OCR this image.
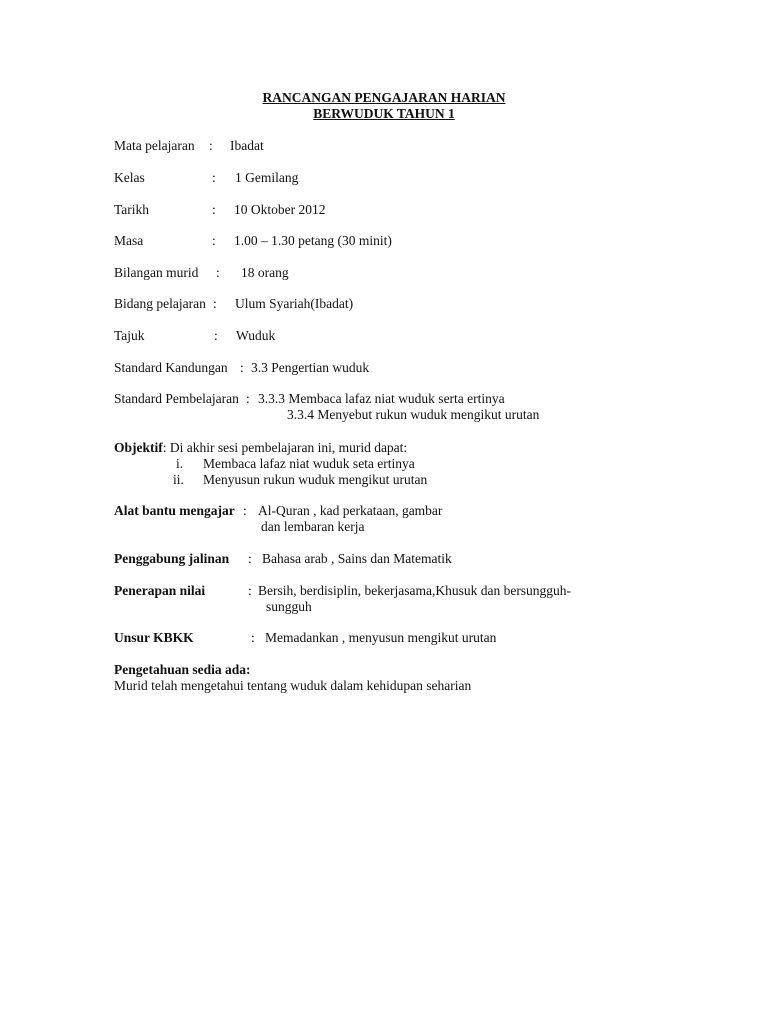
RANCANGAN PENGAJARAN HARIAN
BERWUDUK TAHUN 1
Mata pelajaran : Ibadat
Kelas	: 1 Gemilang
Tarikh	: 10 Oktober 2012
Masa	: 1.00 – 1.30 petang (30 minit)
Bilangan murid : 18 orang
Bidang pelajaran : Ulum Syariah(Ibadat)
Tajuk	: Wuduk
Standard Kandungan : 3.3 Pengertian wuduk
Standard Pembelajaran : 3.3.3 Membaca lafaz niat wuduk serta ertinya
3.3.4 Menyebut rukun wuduk mengikut urutan
Objektif: Di akhir sesi pembelajaran ini, murid dapat:
i. Membaca lafaz niat wuduk seta ertinya
ii. Menyusun rukun wuduk mengikut urutan
Alat bantu mengajar : Al-Quran , kad perkataan, gambar
dan lembaran kerja
Penggabung jalinan : Bahasa arab , Sains dan Matematik
Penerapan nilai	: Bersih, berdisiplin, bekerjasama,Khusuk dan bersungguh-
sungguh
Unsur KBKK	: Memadankan , menyusun mengikut urutan
Pengetahuan sedia ada:
Murid telah mengetahui tentang wuduk dalam kehidupan seharian
